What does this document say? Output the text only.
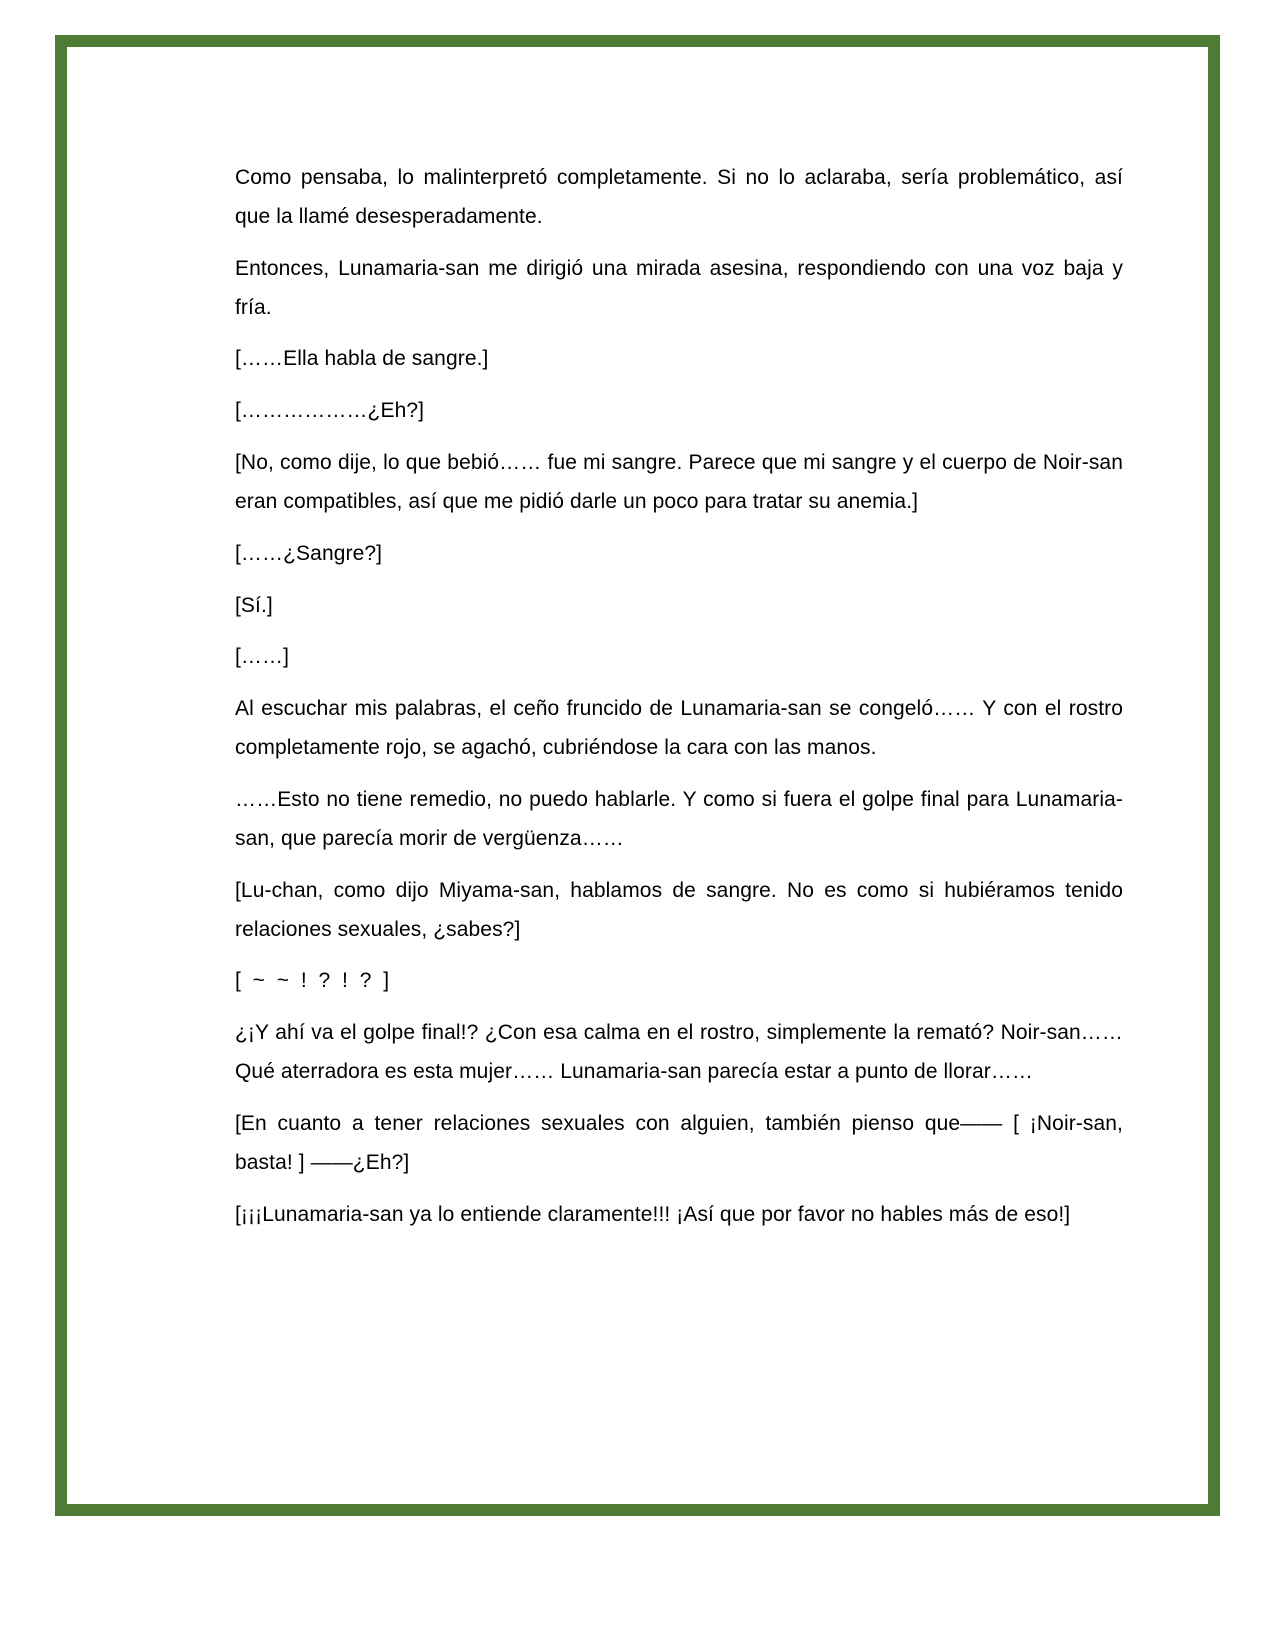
Como pensaba, lo malinterpretó completamente. Si no lo aclaraba, sería problemático, así que la llamé desesperadamente.

Entonces, Lunamaria-san me dirigió una mirada asesina, respondiendo con una voz baja y fría.

[……Ella habla de sangre.]

[………………¿Eh?]

[No, como dije, lo que bebió…… fue mi sangre. Parece que mi sangre y el cuerpo de Noir-san eran compatibles, así que me pidió darle un poco para tratar su anemia.]

[……¿Sangre?]

[Sí.]

[……]

Al escuchar mis palabras, el ceño fruncido de Lunamaria-san se congeló…… Y con el rostro completamente rojo, se agachó, cubriéndose la cara con las manos.

……Esto no tiene remedio, no puedo hablarle. Y como si fuera el golpe final para Lunamaria-san, que parecía morir de vergüenza……

[Lu-chan, como dijo Miyama-san, hablamos de sangre. No es como si hubiéramos tenido relaciones sexuales, ¿sabes?]

[ ~ ~ ! ? ! ? ]

¿¡Y ahí va el golpe final!? ¿Con esa calma en el rostro, simplemente la remató? Noir-san…… Qué aterradora es esta mujer…… Lunamaria-san parecía estar a punto de llorar……

[En cuanto a tener relaciones sexuales con alguien, también pienso que—— [ ¡Noir-san, basta! ] ——¿Eh?]

[¡¡¡Lunamaria-san ya lo entiende claramente!!! ¡Así que por favor no hables más de eso!]
